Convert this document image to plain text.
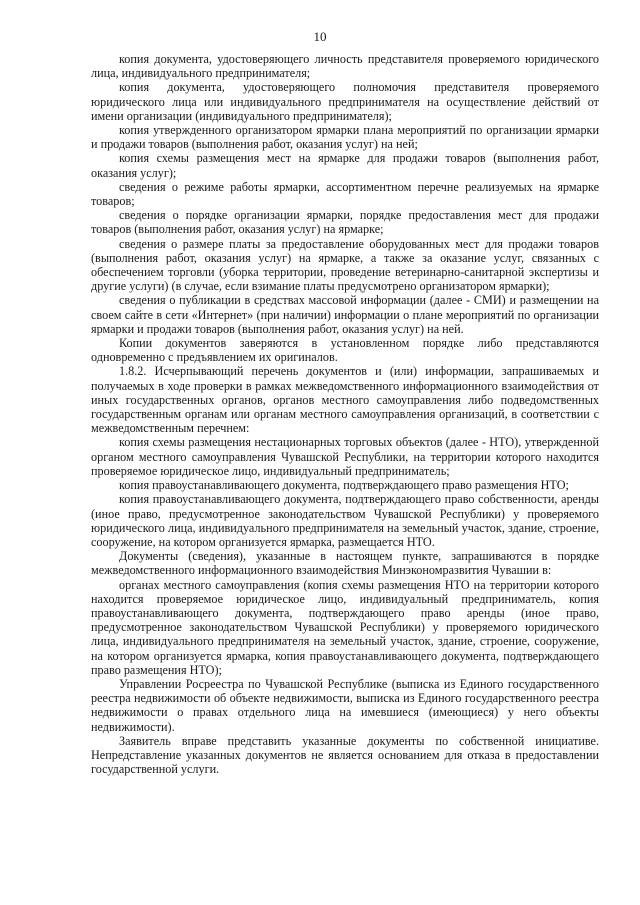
10

копия документа, удостоверяющего личность представителя проверяемого юридического лица, индивидуального предпринимателя;

копия документа, удостоверяющего полномочия представителя проверяемого юридического лица или индивидуального предпринимателя на осуществление действий от имени организации (индивидуального предпринимателя);

копия утвержденного организатором ярмарки плана мероприятий по организации ярмарки и продажи товаров (выполнения работ, оказания услуг) на ней;

копия схемы размещения мест на ярмарке для продажи товаров (выполнения работ, оказания услуг);

сведения о режиме работы ярмарки, ассортиментном перечне реализуемых на ярмарке товаров;

сведения о порядке организации ярмарки, порядке предоставления мест для продажи товаров (выполнения работ, оказания услуг) на ярмарке;

сведения о размере платы за предоставление оборудованных мест для продажи товаров (выполнения работ, оказания услуг) на ярмарке, а также за оказание услуг, связанных с обеспечением торговли (уборка территории, проведение ветеринарно-санитарной экспертизы и другие услуги) (в случае, если взимание платы предусмотрено организатором ярмарки);

сведения о публикации в средствах массовой информации (далее - СМИ) и размещении на своем сайте в сети «Интернет» (при наличии) информации о плане мероприятий по организации ярмарки и продажи товаров (выполнения работ, оказания услуг) на ней.

Копии документов заверяются в установленном порядке либо представляются одновременно с предъявлением их оригиналов.

1.8.2. Исчерпывающий перечень документов и (или) информации, запрашиваемых и получаемых в ходе проверки в рамках межведомственного информационного взаимодействия от иных государственных органов, органов местного самоуправления либо подведомственных государственным органам или органам местного самоуправления организаций, в соответствии с межведомственным перечнем:

копия схемы размещения нестационарных торговых объектов (далее - НТО), утвержденной органом местного самоуправления Чувашской Республики, на территории которого находится проверяемое юридическое лицо, индивидуальный предприниматель;

копия правоустанавливающего документа, подтверждающего право размещения НТО;

копия правоустанавливающего документа, подтверждающего право собственности, аренды (иное право, предусмотренное законодательством Чувашской Республики) у проверяемого юридического лица, индивидуального предпринимателя на земельный участок, здание, строение, сооружение, на котором организуется ярмарка, размещается НТО.

Документы (сведения), указанные в настоящем пункте, запрашиваются в порядке межведомственного информационного взаимодействия Минэкономразвития Чувашии в:

органах местного самоуправления (копия схемы размещения НТО на территории которого находится проверяемое юридическое лицо, индивидуальный предприниматель, копия правоустанавливающего документа, подтверждающего право аренды (иное право, предусмотренное законодательством Чувашской Республики) у проверяемого юридического лица, индивидуального предпринимателя на земельный участок, здание, строение, сооружение, на котором организуется ярмарка, копия правоустанавливающего документа, подтверждающего право размещения НТО);

Управлении Росреестра по Чувашской Республике (выписка из Единого государственного реестра недвижимости об объекте недвижимости, выписка из Единого государственного реестра недвижимости о правах отдельного лица на имевшиеся (имеющиеся) у него объекты недвижимости).

Заявитель вправе представить указанные документы по собственной инициативе. Непредставление указанных документов не является основанием для отказа в предоставлении государственной услуги.
